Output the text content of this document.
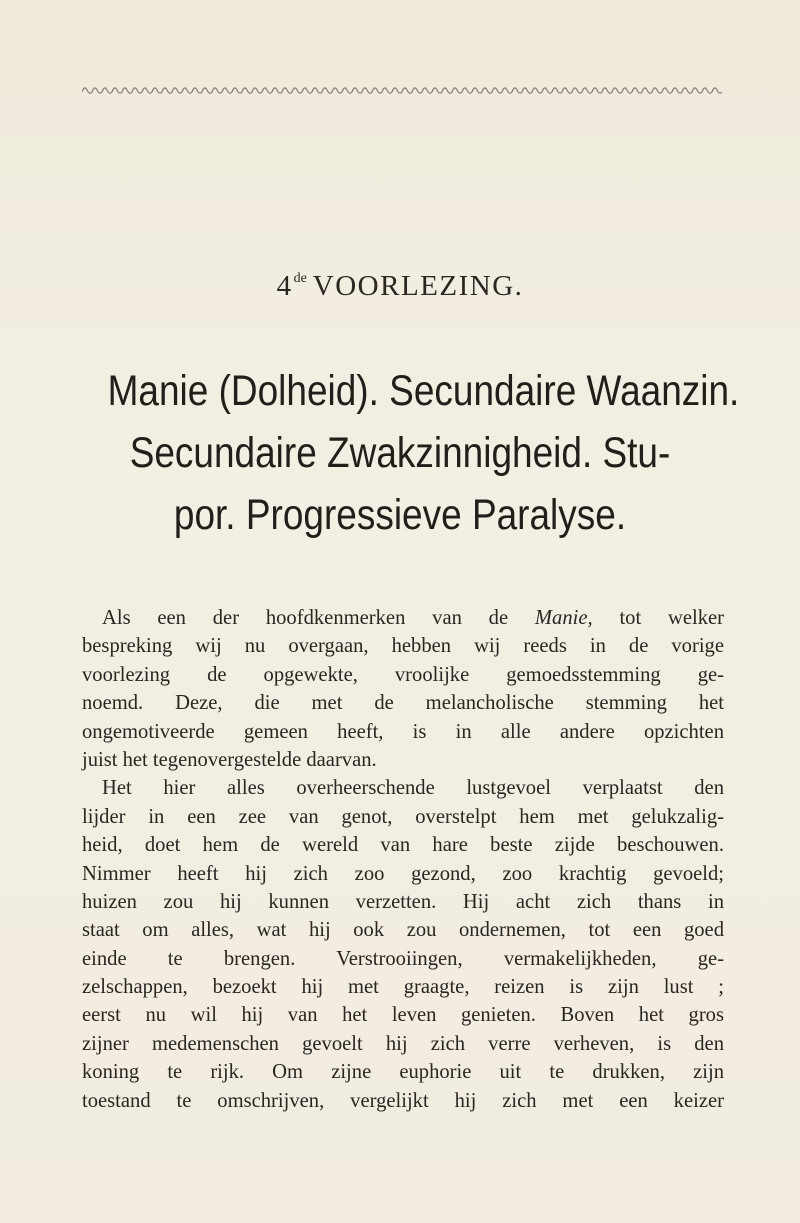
4de VOORLEZING.
Manie (Dolheid). Secundaire Waanzin.
Secundaire Zwakzinnigheid. Stu-
por. Progressieve Paralyse.
Als een der hoofdkenmerken van de Manie, tot welker
bespreking wij nu overgaan, hebben wij reeds in de vorige
voorlezing de opgewekte, vroolijke gemoedsstemming ge-
noemd. Deze, die met de melancholische stemming het
ongemotiveerde gemeen heeft, is in alle andere opzichten
juist het tegenovergestelde daarvan.
Het hier alles overheerschende lustgevoel verplaatst den
lijder in een zee van genot, overstelpt hem met gelukzalig-
heid, doet hem de wereld van hare beste zijde beschouwen.
Nimmer heeft hij zich zoo gezond, zoo krachtig gevoeld;
huizen zou hij kunnen verzetten. Hij acht zich thans in
staat om alles, wat hij ook zou ondernemen, tot een goed
einde te brengen. Verstrooiingen, vermakelijkheden, ge-
zelschappen, bezoekt hij met graagte, reizen is zijn lust ;
eerst nu wil hij van het leven genieten. Boven het gros
zijner medemenschen gevoelt hij zich verre verheven, is den
koning te rijk. Om zijne euphorie uit te drukken, zijn
toestand te omschrijven, vergelijkt hij zich met een keizer
